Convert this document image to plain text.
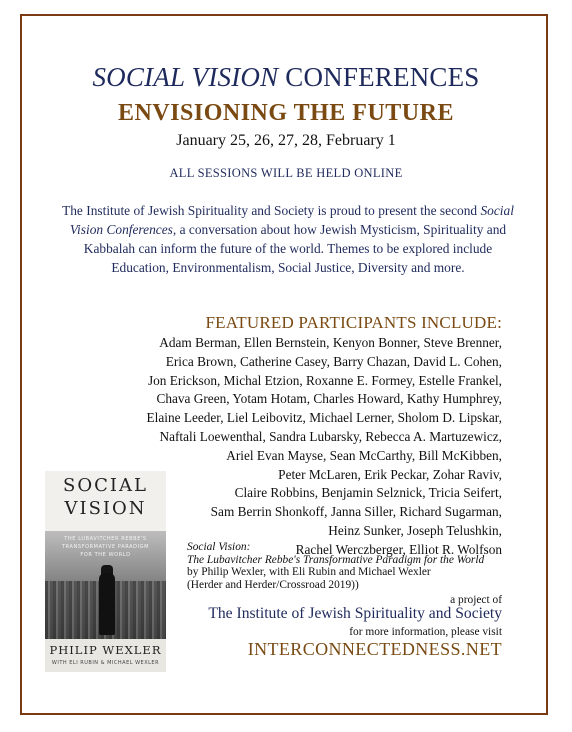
SOCIAL VISION CONFERENCES
ENVISIONING THE FUTURE
January 25, 26, 27, 28, February 1
ALL SESSIONS WILL BE HELD ONLINE
The Institute of Jewish Spirituality and Society is proud to present the second Social Vision Conferences, a conversation about how Jewish Mysticism, Spirituality and Kabbalah can inform the future of the world. Themes to be explored include Education, Environmentalism, Social Justice, Diversity and more.
FEATURED PARTICIPANTS INCLUDE:
Adam Berman, Ellen Bernstein, Kenyon Bonner, Steve Brenner,
Erica Brown, Catherine Casey, Barry Chazan, David L. Cohen,
Jon Erickson, Michal Etzion, Roxanne E. Formey, Estelle Frankel,
Chava Green, Yotam Hotam, Charles Howard, Kathy Humphrey,
Elaine Leeder, Liel Leibovitz, Michael Lerner, Sholom D. Lipskar,
Naftali Loewenthal, Sandra Lubarsky, Rebecca A. Martuzewicz,
Ariel Evan Mayse, Sean McCarthy, Bill McKibben,
Peter McLaren, Erik Peckar, Zohar Raviv,
Claire Robbins, Benjamin Selznick, Tricia Seifert,
Sam Berrin Shonkoff, Janna Siller, Richard Sugarman,
Heinz Sunker, Joseph Telushkin,
Rachel Werczberger, Elliot R. Wolfson
SOCIAL
VISION
THE LUBAVITCHER REBBE'S TRANSFORMATIVE PARADIGM FOR THE WORLD
PHILIP WEXLER
WITH ELI RUBIN & MICHAEL WEXLER
Social Vision:
The Lubavitcher Rebbe's Transformative Paradigm for the World
by Philip Wexler, with Eli Rubin and Michael Wexler
(Herder and Herder/Crossroad 2019))
a project of
The Institute of Jewish Spirituality and Society
for more information, please visit
INTERCONNECTEDNESS.NET
